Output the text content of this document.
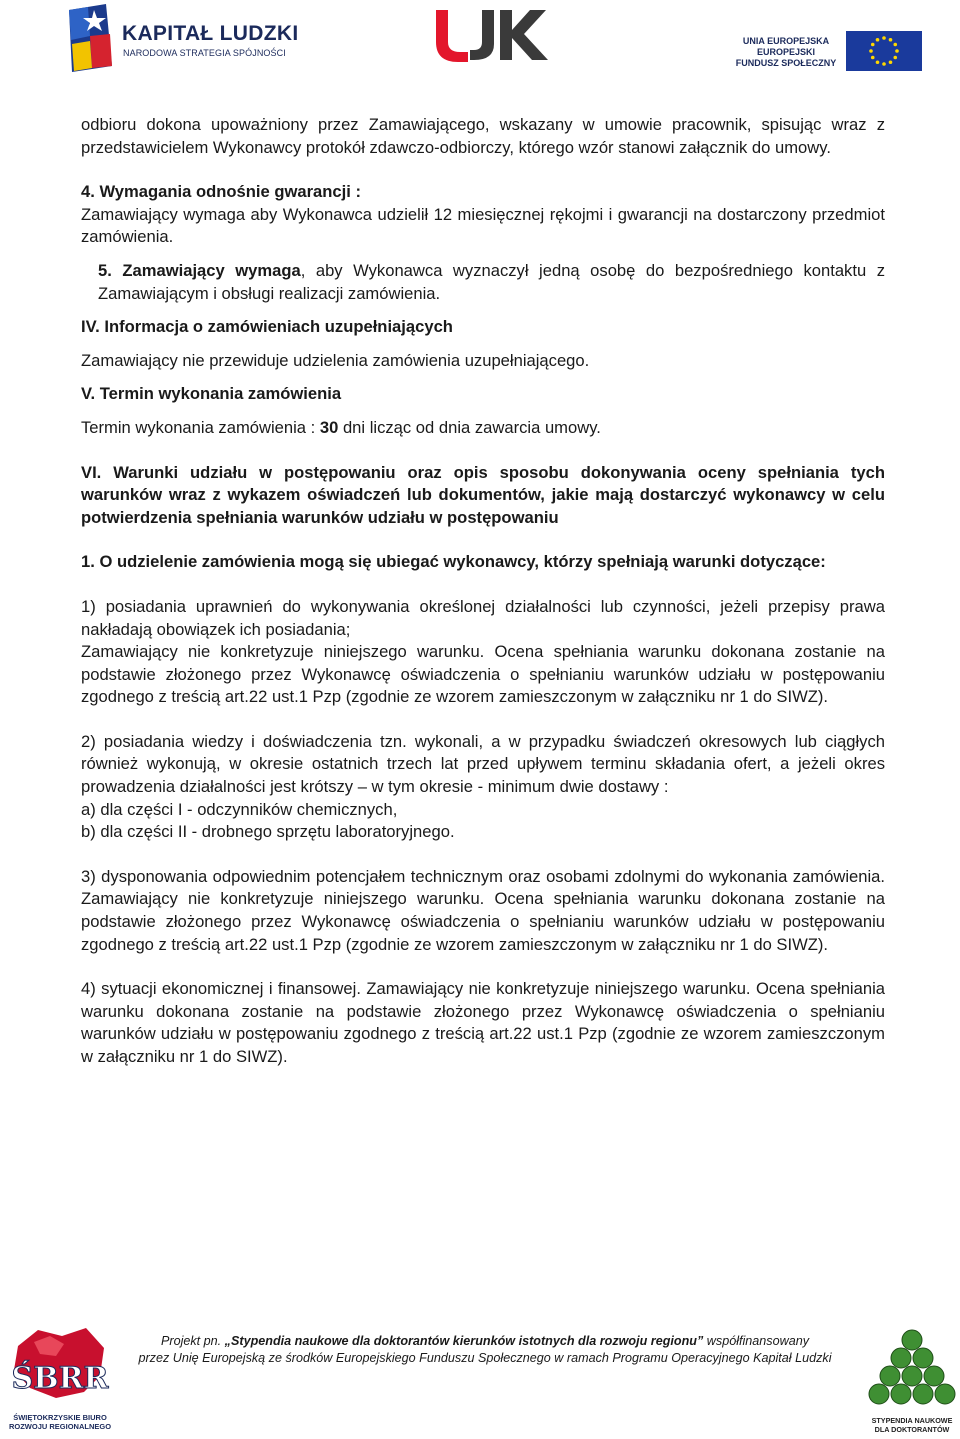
KAPITAŁ LUDZKI
NARODOWA STRATEGIA SPÓJNOŚCI
UNIA EUROPEJSKA
EUROPEJSKI
FUNDUSZ SPOŁECZNY

odbioru dokona upoważniony przez Zamawiającego, wskazany w umowie pracownik, spisując wraz z przedstawicielem Wykonawcy protokół zdawczo-odbiorczy, którego wzór stanowi załącznik do umowy.

4. Wymagania odnośnie gwarancji :

Zamawiający wymaga aby Wykonawca udzielił 12 miesięcznej rękojmi i gwarancji na dostarczony przedmiot zamówienia.

5. Zamawiający wymaga, aby Wykonawca wyznaczył jedną osobę do bezpośredniego kontaktu z Zamawiającym i obsługi realizacji zamówienia.

IV. Informacja o zamówieniach uzupełniających

Zamawiający nie przewiduje udzielenia zamówienia uzupełniającego.

V. Termin wykonania zamówienia

Termin wykonania zamówienia : 30 dni licząc od dnia zawarcia umowy.

VI. Warunki udziału w postępowaniu oraz opis sposobu dokonywania oceny spełniania tych warunków wraz z wykazem oświadczeń lub dokumentów, jakie mają dostarczyć wykonawcy w celu potwierdzenia spełniania warunków udziału w postępowaniu

1. O udzielenie zamówienia mogą się ubiegać wykonawcy, którzy spełniają warunki dotyczące:

1) posiadania uprawnień do wykonywania określonej działalności lub czynności, jeżeli przepisy prawa nakładają obowiązek ich posiadania;

Zamawiający nie konkretyzuje niniejszego warunku. Ocena spełniania warunku dokonana zostanie na podstawie złożonego przez Wykonawcę oświadczenia o spełnianiu warunków udziału w postępowaniu zgodnego z treścią art.22 ust.1 Pzp (zgodnie ze wzorem zamieszczonym w załączniku nr 1 do SIWZ).

2) posiadania wiedzy i doświadczenia tzn. wykonali, a w przypadku świadczeń okresowych lub ciągłych również wykonują, w okresie ostatnich trzech lat przed upływem terminu składania ofert, a jeżeli okres prowadzenia działalności jest krótszy – w tym okresie - minimum dwie dostawy :

a) dla części I - odczynników chemicznych,

b) dla części II - drobnego sprzętu laboratoryjnego.

3) dysponowania odpowiednim potencjałem technicznym oraz osobami zdolnymi do wykonania zamówienia. Zamawiający nie konkretyzuje niniejszego warunku. Ocena spełniania warunku dokonana zostanie na podstawie złożonego przez Wykonawcę oświadczenia o spełnianiu warunków udziału w postępowaniu zgodnego z treścią art.22 ust.1 Pzp (zgodnie ze wzorem zamieszczonym w załączniku nr 1 do SIWZ).

4) sytuacji ekonomicznej i finansowej. Zamawiający nie konkretyzuje niniejszego warunku. Ocena spełniania warunku dokonana zostanie na podstawie złożonego przez Wykonawcę oświadczenia o spełnianiu warunków udziału w postępowaniu zgodnego z treścią art.22 ust.1 Pzp (zgodnie ze wzorem zamieszczonym w załączniku nr 1 do SIWZ).

ŚBRR
ŚWIĘTOKRZYSKIE BIURO
ROZWOJU REGIONALNEGO
Projekt pn. „Stypendia naukowe dla doktorantów kierunków istotnych dla rozwoju regionu” współfinansowany
przez Unię Europejską ze środków Europejskiego Funduszu Społecznego w ramach Programu Operacyjnego Kapitał Ludzki
STYPENDIA NAUKOWE
DLA DOKTORANTÓW
